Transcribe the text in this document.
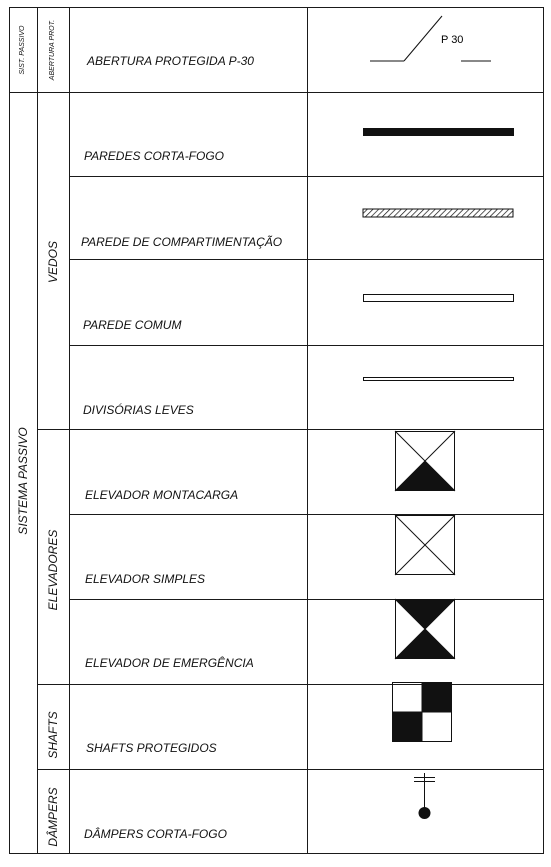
SIST. PASSIVO	ABERTURA PROT.
SISTEMA PASSIVO
VEDOS
ELEVADORES
SHAFTS
DÂMPERS
ABERTURA PROTEGIDA P-30
PAREDES CORTA-FOGO
PAREDE DE COMPARTIMENTAÇÃO
PAREDE COMUM
DIVISÓRIAS LEVES
ELEVADOR MONTACARGA
ELEVADOR SIMPLES
ELEVADOR DE EMERGÊNCIA
SHAFTS PROTEGIDOS
DÂMPERS CORTA-FOGO
P 30
